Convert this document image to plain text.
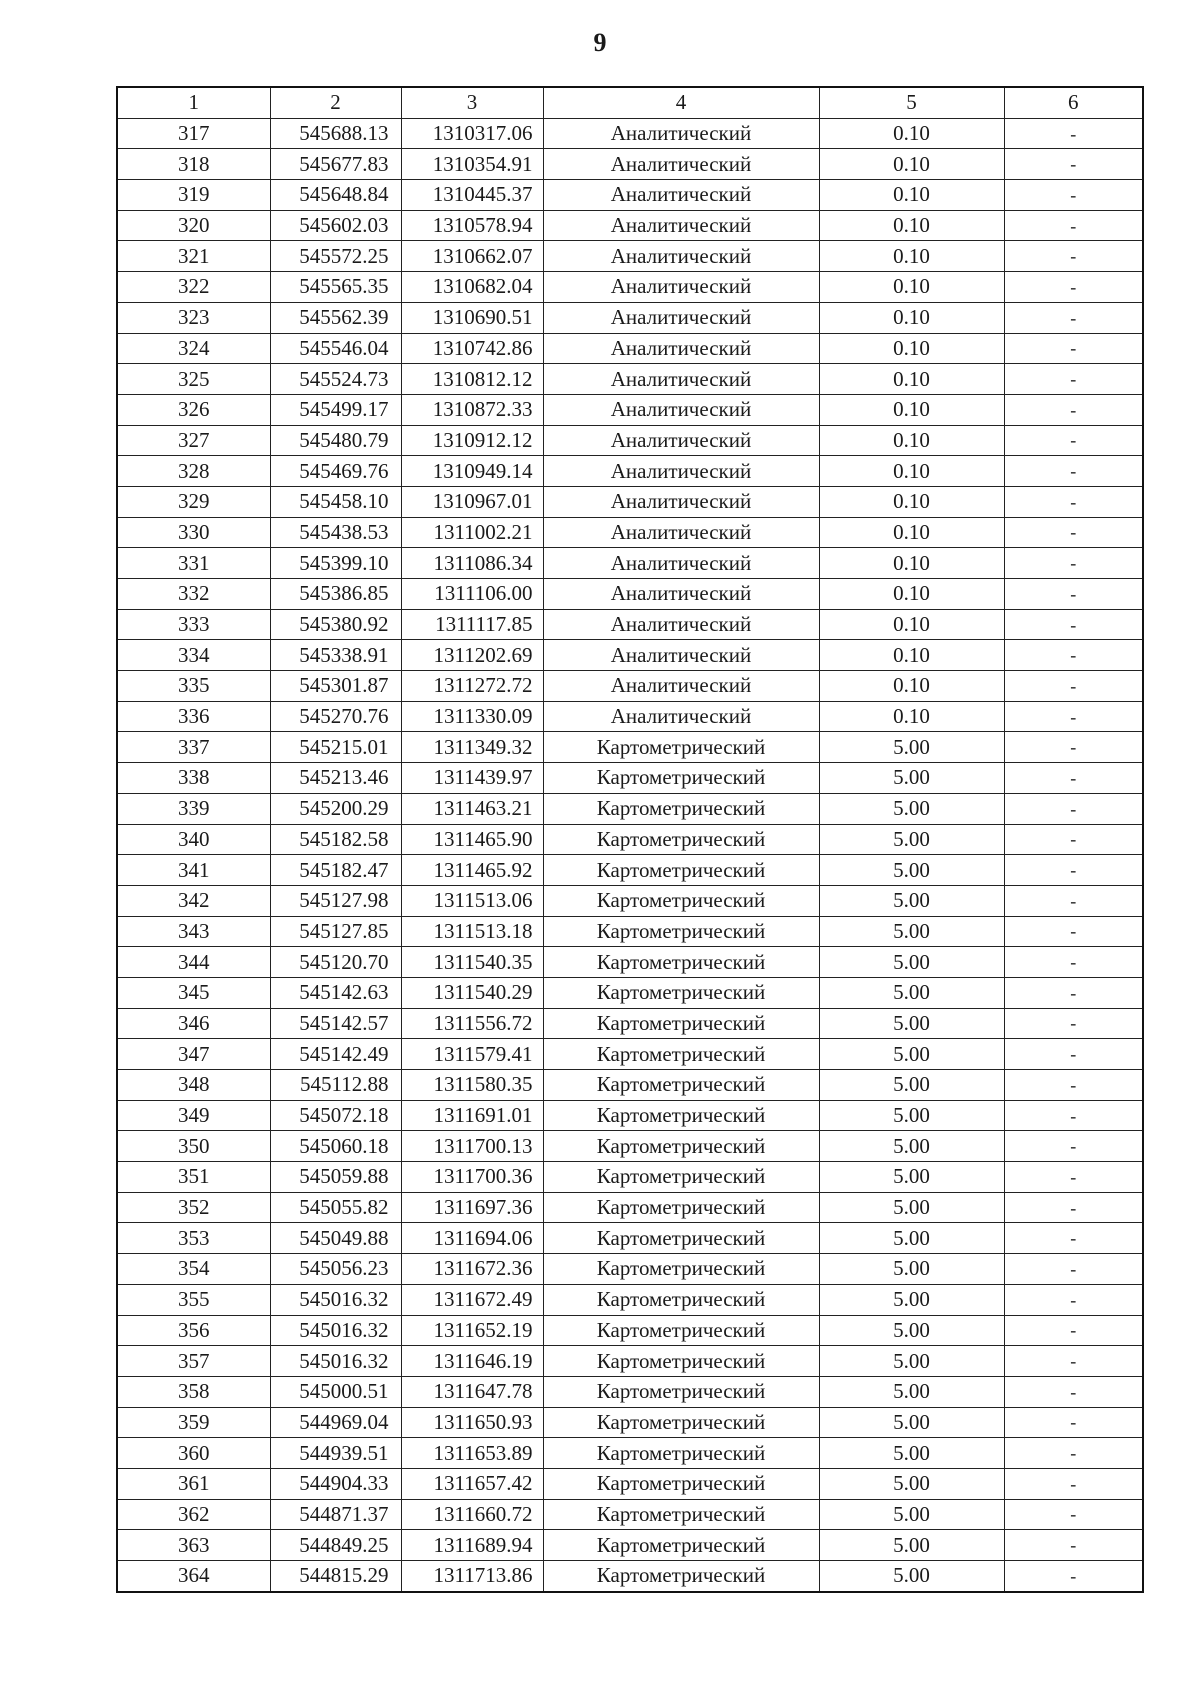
9
1	2	3	4	5	6
317	545688.13	1310317.06	Аналитический	0.10	-
318	545677.83	1310354.91	Аналитический	0.10	-
319	545648.84	1310445.37	Аналитический	0.10	-
320	545602.03	1310578.94	Аналитический	0.10	-
321	545572.25	1310662.07	Аналитический	0.10	-
322	545565.35	1310682.04	Аналитический	0.10	-
323	545562.39	1310690.51	Аналитический	0.10	-
324	545546.04	1310742.86	Аналитический	0.10	-
325	545524.73	1310812.12	Аналитический	0.10	-
326	545499.17	1310872.33	Аналитический	0.10	-
327	545480.79	1310912.12	Аналитический	0.10	-
328	545469.76	1310949.14	Аналитический	0.10	-
329	545458.10	1310967.01	Аналитический	0.10	-
330	545438.53	1311002.21	Аналитический	0.10	-
331	545399.10	1311086.34	Аналитический	0.10	-
332	545386.85	1311106.00	Аналитический	0.10	-
333	545380.92	1311117.85	Аналитический	0.10	-
334	545338.91	1311202.69	Аналитический	0.10	-
335	545301.87	1311272.72	Аналитический	0.10	-
336	545270.76	1311330.09	Аналитический	0.10	-
337	545215.01	1311349.32	Картометрический	5.00	-
338	545213.46	1311439.97	Картометрический	5.00	-
339	545200.29	1311463.21	Картометрический	5.00	-
340	545182.58	1311465.90	Картометрический	5.00	-
341	545182.47	1311465.92	Картометрический	5.00	-
342	545127.98	1311513.06	Картометрический	5.00	-
343	545127.85	1311513.18	Картометрический	5.00	-
344	545120.70	1311540.35	Картометрический	5.00	-
345	545142.63	1311540.29	Картометрический	5.00	-
346	545142.57	1311556.72	Картометрический	5.00	-
347	545142.49	1311579.41	Картометрический	5.00	-
348	545112.88	1311580.35	Картометрический	5.00	-
349	545072.18	1311691.01	Картометрический	5.00	-
350	545060.18	1311700.13	Картометрический	5.00	-
351	545059.88	1311700.36	Картометрический	5.00	-
352	545055.82	1311697.36	Картометрический	5.00	-
353	545049.88	1311694.06	Картометрический	5.00	-
354	545056.23	1311672.36	Картометрический	5.00	-
355	545016.32	1311672.49	Картометрический	5.00	-
356	545016.32	1311652.19	Картометрический	5.00	-
357	545016.32	1311646.19	Картометрический	5.00	-
358	545000.51	1311647.78	Картометрический	5.00	-
359	544969.04	1311650.93	Картометрический	5.00	-
360	544939.51	1311653.89	Картометрический	5.00	-
361	544904.33	1311657.42	Картометрический	5.00	-
362	544871.37	1311660.72	Картометрический	5.00	-
363	544849.25	1311689.94	Картометрический	5.00	-
364	544815.29	1311713.86	Картометрический	5.00	-
